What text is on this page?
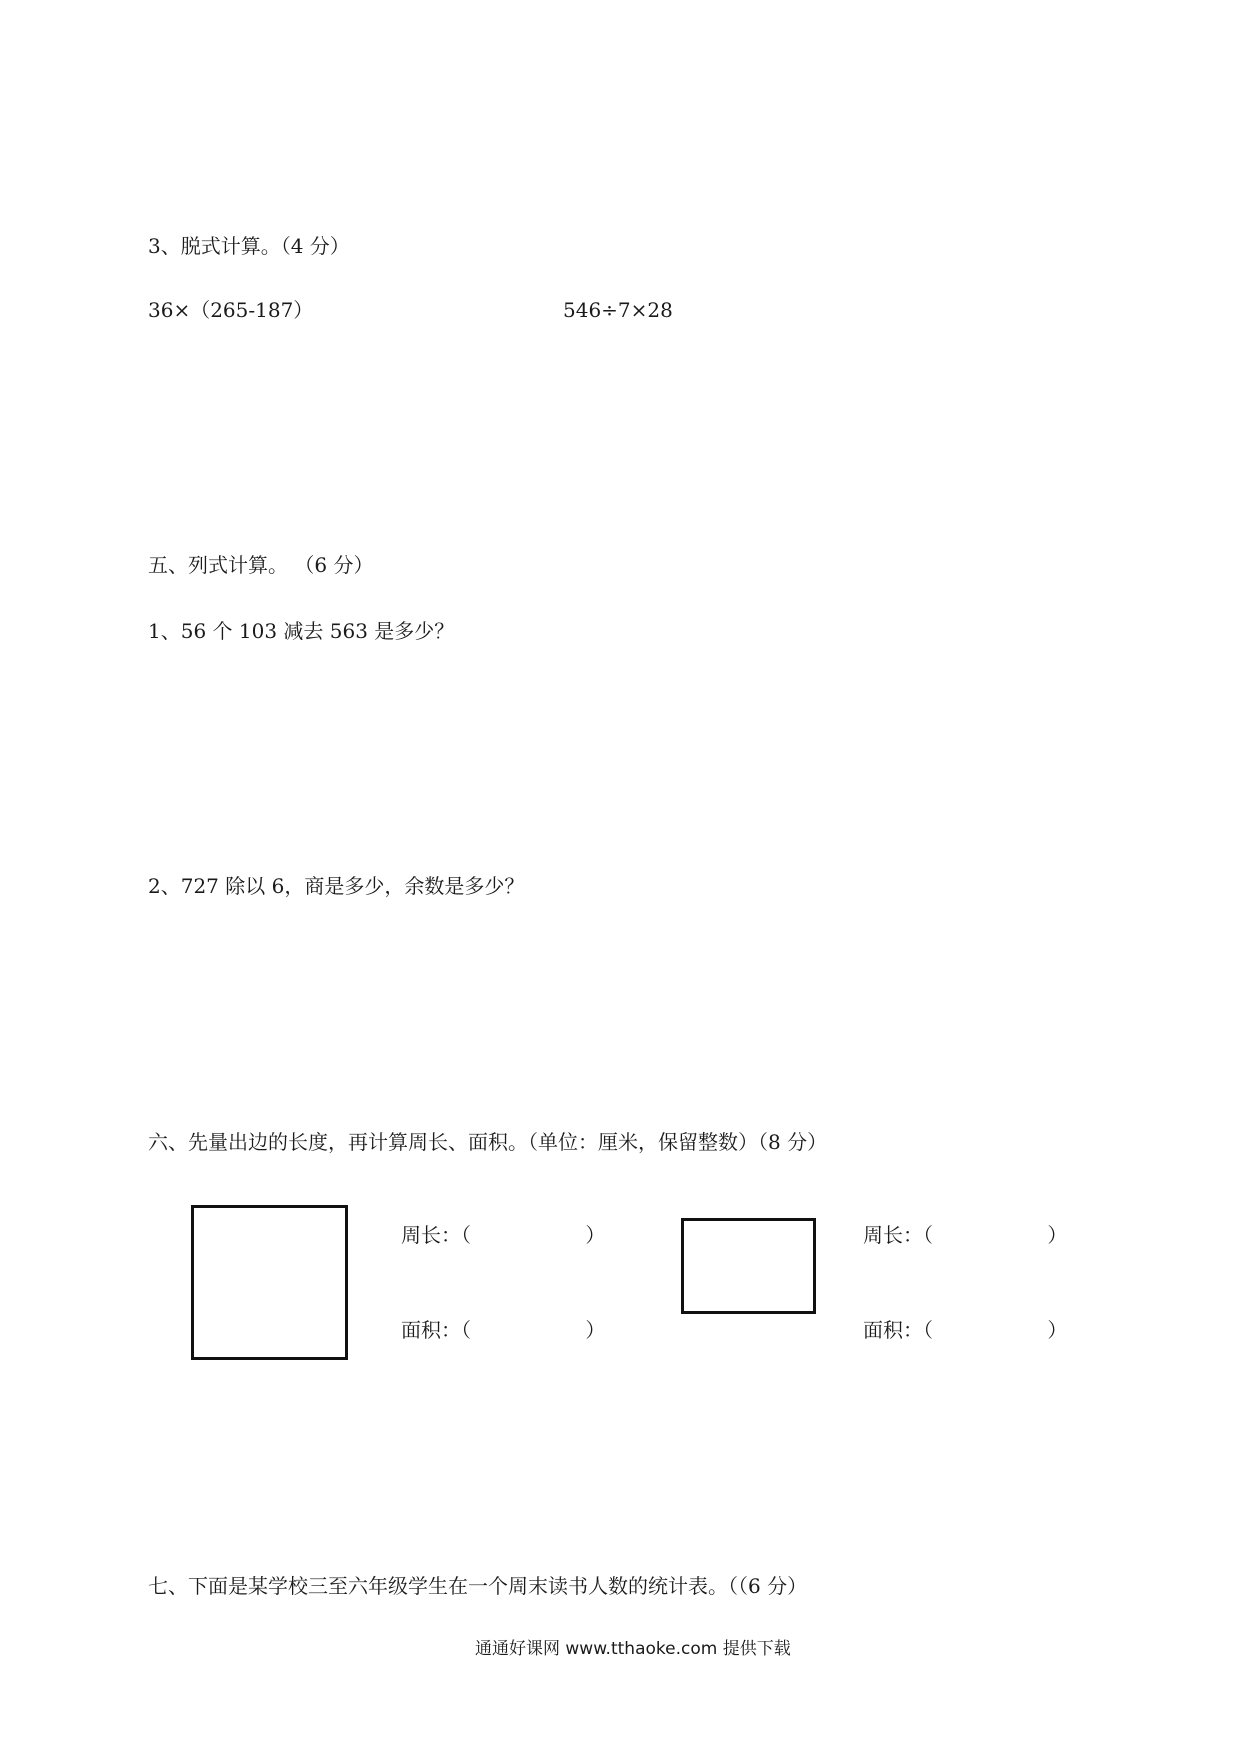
3、脱式计算。（4 分）
36×（265-187）	546÷7×28
五、列式计算。 （6 分）
1、56 个 103 减去 563 是多少？
2、727 除以 6，商是多少，余数是多少？
六、先量出边的长度，再计算周长、面积。（单位：厘米，保留整数）（8 分）
周长：（                  ）
面积：（                  ）
周长：（                  ）
面积：（                  ）
七、下面是某学校三至六年级学生在一个周末读书人数的统计表。（（6 分）
通通好课网 www.tthaoke.com 提供下载
